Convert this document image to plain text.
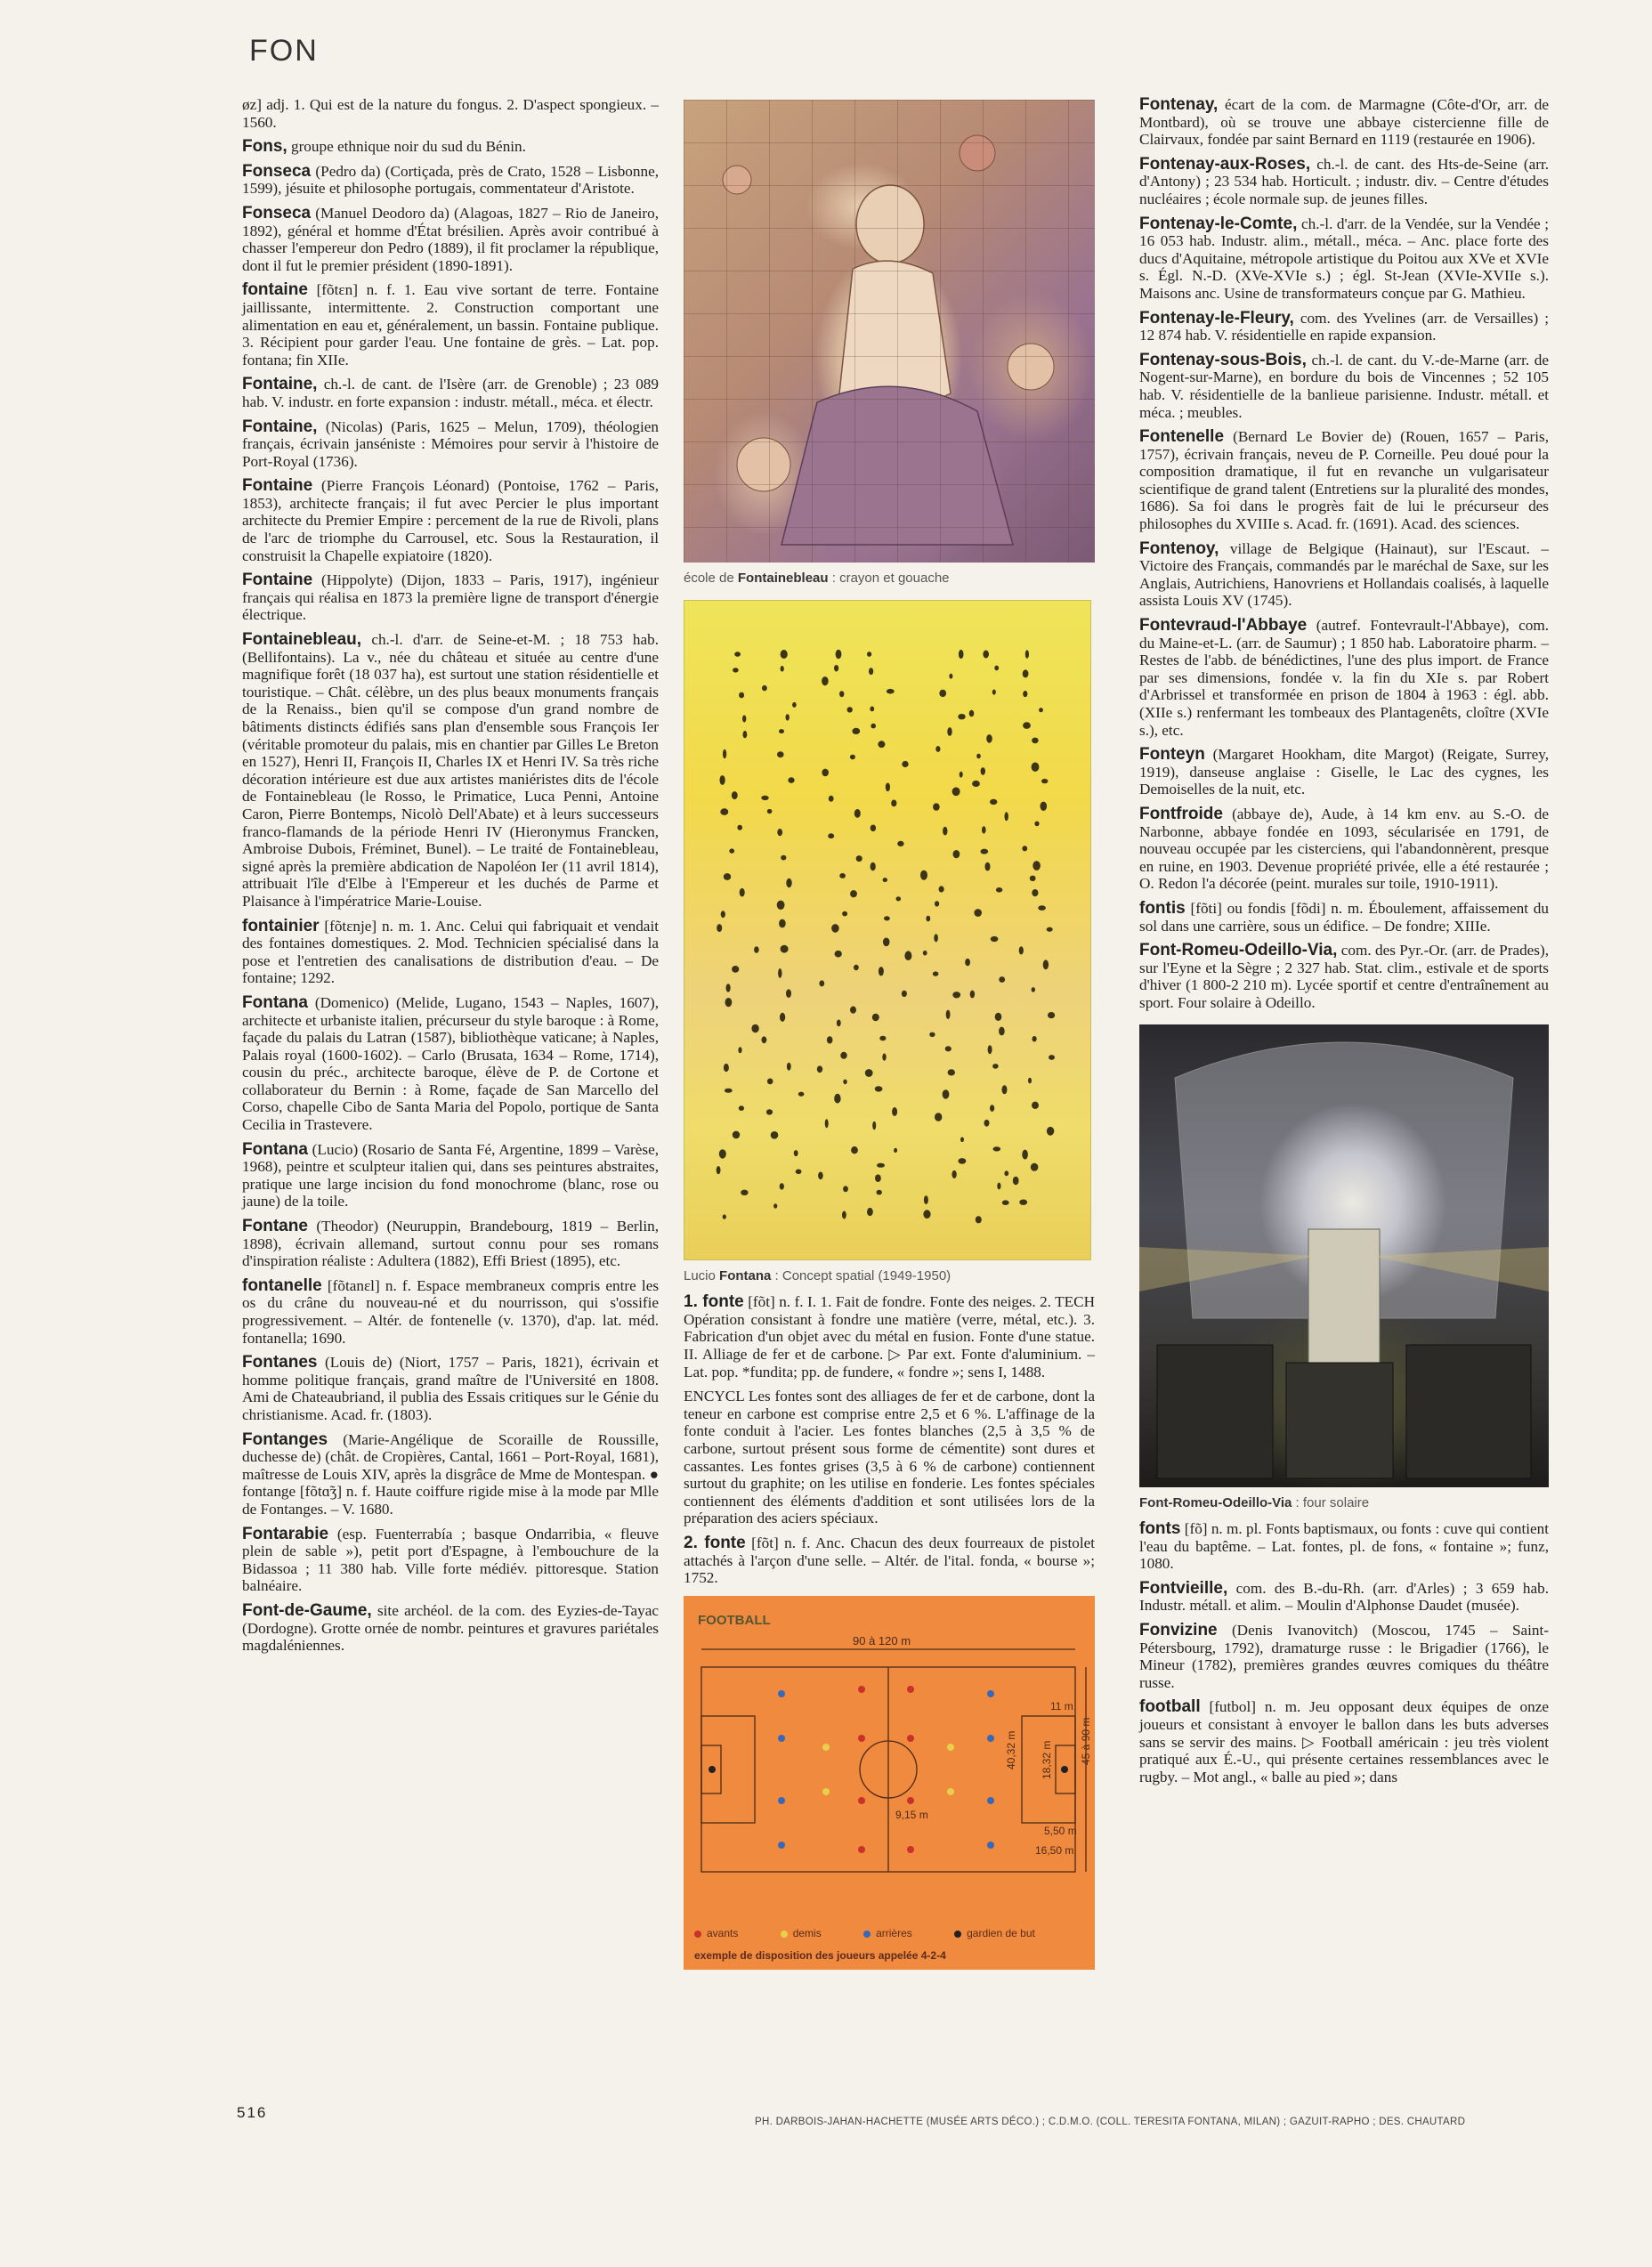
FON
øz] adj. 1. Qui est de la nature du fongus. 2. D'aspect spongieux. – 1560.
Fons, groupe ethnique noir du sud du Bénin.
Fonseca (Pedro da) (Cortiçada, près de Crato, 1528 – Lisbonne, 1599), jésuite et philosophe portugais, commentateur d'Aristote.
Fonseca (Manuel Deodoro da) (Alagoas, 1827 – Rio de Janeiro, 1892), général et homme d'État brésilien. Après avoir contribué à chasser l'empereur don Pedro (1889), il fit proclamer la république, dont il fut le premier président (1890-1891).
fontaine [fõtɛn] n. f. 1. Eau vive sortant de terre. Fontaine jaillissante, intermittente. 2. Construction comportant une alimentation en eau et, généralement, un bassin. Fontaine publique. 3. Récipient pour garder l'eau. Une fontaine de grès. – Lat. pop. fontana; fin XIIe.
Fontaine, ch.-l. de cant. de l'Isère (arr. de Grenoble) ; 23 089 hab. V. industr. en forte expansion : industr. métall., méca. et électr.
Fontaine, (Nicolas) (Paris, 1625 – Melun, 1709), théologien français, écrivain janséniste : Mémoires pour servir à l'histoire de Port-Royal (1736).
Fontaine (Pierre François Léonard) (Pontoise, 1762 – Paris, 1853), architecte français; il fut avec Percier le plus important architecte du Premier Empire : percement de la rue de Rivoli, plans de l'arc de triomphe du Carrousel, etc. Sous la Restauration, il construisit la Chapelle expiatoire (1820).
Fontaine (Hippolyte) (Dijon, 1833 – Paris, 1917), ingénieur français qui réalisa en 1873 la première ligne de transport d'énergie électrique.
Fontainebleau, ch.-l. d'arr. de Seine-et-M. ; 18 753 hab. (Bellifontains). La v., née du château et située au centre d'une magnifique forêt (18 037 ha), est surtout une station résidentielle et touristique. – Chât. célèbre, un des plus beaux monuments français de la Renaiss., bien qu'il se compose d'un grand nombre de bâtiments distincts édifiés sans plan d'ensemble sous François Ier (véritable promoteur du palais, mis en chantier par Gilles Le Breton en 1527), Henri II, François II, Charles IX et Henri IV. Sa très riche décoration intérieure est due aux artistes maniéristes dits de l'école de Fontainebleau (le Rosso, le Primatice, Luca Penni, Antoine Caron, Pierre Bontemps, Nicolò Dell'Abate) et à leurs successeurs franco-flamands de la période Henri IV (Hieronymus Francken, Ambroise Dubois, Fréminet, Bunel). – Le traité de Fontainebleau, signé après la première abdication de Napoléon Ier (11 avril 1814), attribuait l'île d'Elbe à l'Empereur et les duchés de Parme et Plaisance à l'impératrice Marie-Louise.
fontainier [fõtɛnje] n. m. 1. Anc. Celui qui fabriquait et vendait des fontaines domestiques. 2. Mod. Technicien spécialisé dans la pose et l'entretien des canalisations de distribution d'eau. – De fontaine; 1292.
Fontana (Domenico) (Melide, Lugano, 1543 – Naples, 1607), architecte et urbaniste italien, précurseur du style baroque : à Rome, façade du palais du Latran (1587), bibliothèque vaticane; à Naples, Palais royal (1600-1602). – Carlo (Brusata, 1634 – Rome, 1714), cousin du préc., architecte baroque, élève de P. de Cortone et collaborateur du Bernin : à Rome, façade de San Marcello del Corso, chapelle Cibo de Santa Maria del Popolo, portique de Santa Cecilia in Trastevere.
Fontana (Lucio) (Rosario de Santa Fé, Argentine, 1899 – Varèse, 1968), peintre et sculpteur italien qui, dans ses peintures abstraites, pratique une large incision du fond monochrome (blanc, rose ou jaune) de la toile.
Fontane (Theodor) (Neuruppin, Brandebourg, 1819 – Berlin, 1898), écrivain allemand, surtout connu pour ses romans d'inspiration réaliste : Adultera (1882), Effi Briest (1895), etc.
fontanelle [fõtanɛl] n. f. Espace membraneux compris entre les os du crâne du nouveau-né et du nourrisson, qui s'ossifie progressivement. – Altér. de fontenelle (v. 1370), d'ap. lat. méd. fontanella; 1690.
Fontanes (Louis de) (Niort, 1757 – Paris, 1821), écrivain et homme politique français, grand maître de l'Université en 1808. Ami de Chateaubriand, il publia des Essais critiques sur le Génie du christianisme. Acad. fr. (1803).
Fontanges (Marie-Angélique de Scoraille de Roussille, duchesse de) (chât. de Cropières, Cantal, 1661 – Port-Royal, 1681), maîtresse de Louis XIV, après la disgrâce de Mme de Montespan. ● fontange [fõtɑ̃ʒ] n. f. Haute coiffure rigide mise à la mode par Mlle de Fontanges. – V. 1680.
Fontarabie (esp. Fuenterrabía ; basque Ondarribia, « fleuve plein de sable »), petit port d'Espagne, à l'embouchure de la Bidassoa ; 11 380 hab. Ville forte médiév. pittoresque. Station balnéaire.
Font-de-Gaume, site archéol. de la com. des Eyzies-de-Tayac (Dordogne). Grotte ornée de nombr. peintures et gravures pariétales magdaléniennes.
école de Fontainebleau : crayon et gouache
Lucio Fontana : Concept spatial (1949-1950)
1. fonte [fõt] n. f. I. 1. Fait de fondre. Fonte des neiges. 2. TECH Opération consistant à fondre une matière (verre, métal, etc.). 3. Fabrication d'un objet avec du métal en fusion. Fonte d'une statue. II. Alliage de fer et de carbone. ▷ Par ext. Fonte d'aluminium. – Lat. pop. *fundita; pp. de fundere, « fondre »; sens I, 1488.
ENCYCL Les fontes sont des alliages de fer et de carbone, dont la teneur en carbone est comprise entre 2,5 et 6 %. L'affinage de la fonte conduit à l'acier. Les fontes blanches (2,5 à 3,5 % de carbone, surtout présent sous forme de cémentite) sont dures et cassantes. Les fontes grises (3,5 à 6 % de carbone) contiennent surtout du graphite; on les utilise en fonderie. Les fontes spéciales contiennent des éléments d'addition et sont utilisées lors de la préparation des aciers spéciaux.
2. fonte [fõt] n. f. Anc. Chacun des deux fourreaux de pistolet attachés à l'arçon d'une selle. – Altér. de l'ital. fonda, « bourse »; 1752.
FOOTBALL
90 à 120 m
45 à 90 m
40,32 m 18,32 m
11 m
9,15 m
5,50 m
16,50 m
avants	demis	arrières	gardien de but
exemple de disposition des joueurs appelée 4-2-4
Fontenay, écart de la com. de Marmagne (Côte-d'Or, arr. de Montbard), où se trouve une abbaye cistercienne fille de Clairvaux, fondée par saint Bernard en 1119 (restaurée en 1906).
Fontenay-aux-Roses, ch.-l. de cant. des Hts-de-Seine (arr. d'Antony) ; 23 534 hab. Horticult. ; industr. div. – Centre d'études nucléaires ; école normale sup. de jeunes filles.
Fontenay-le-Comte, ch.-l. d'arr. de la Vendée, sur la Vendée ; 16 053 hab. Industr. alim., métall., méca. – Anc. place forte des ducs d'Aquitaine, métropole artistique du Poitou aux XVe et XVIe s. Égl. N.-D. (XVe-XVIe s.) ; égl. St-Jean (XVIe-XVIIe s.). Maisons anc. Usine de transformateurs conçue par G. Mathieu.
Fontenay-le-Fleury, com. des Yvelines (arr. de Versailles) ; 12 874 hab. V. résidentielle en rapide expansion.
Fontenay-sous-Bois, ch.-l. de cant. du V.-de-Marne (arr. de Nogent-sur-Marne), en bordure du bois de Vincennes ; 52 105 hab. V. résidentielle de la banlieue parisienne. Industr. métall. et méca. ; meubles.
Fontenelle (Bernard Le Bovier de) (Rouen, 1657 – Paris, 1757), écrivain français, neveu de P. Corneille. Peu doué pour la composition dramatique, il fut en revanche un vulgarisateur scientifique de grand talent (Entretiens sur la pluralité des mondes, 1686). Sa foi dans le progrès fait de lui le précurseur des philosophes du XVIIIe s. Acad. fr. (1691). Acad. des sciences.
Fontenoy, village de Belgique (Hainaut), sur l'Escaut. – Victoire des Français, commandés par le maréchal de Saxe, sur les Anglais, Autrichiens, Hanovriens et Hollandais coalisés, à laquelle assista Louis XV (1745).
Fontevraud-l'Abbaye (autref. Fontevrault-l'Abbaye), com. du Maine-et-L. (arr. de Saumur) ; 1 850 hab. Laboratoire pharm. – Restes de l'abb. de bénédictines, l'une des plus import. de France par ses dimensions, fondée v. la fin du XIe s. par Robert d'Arbrissel et transformée en prison de 1804 à 1963 : égl. abb. (XIIe s.) renfermant les tombeaux des Plantagenêts, cloître (XVIe s.), etc.
Fonteyn (Margaret Hookham, dite Margot) (Reigate, Surrey, 1919), danseuse anglaise : Giselle, le Lac des cygnes, les Demoiselles de la nuit, etc.
Fontfroide (abbaye de), Aude, à 14 km env. au S.-O. de Narbonne, abbaye fondée en 1093, sécularisée en 1791, de nouveau occupée par les cisterciens, qui l'abandonnèrent, presque en ruine, en 1903. Devenue propriété privée, elle a été restaurée ; O. Redon l'a décorée (peint. murales sur toile, 1910-1911).
fontis [fõti] ou fondis [fõdi] n. m. Éboulement, affaissement du sol dans une carrière, sous un édifice. – De fondre; XIIIe.
Font-Romeu-Odeillo-Via, com. des Pyr.-Or. (arr. de Prades), sur l'Eyne et la Sègre ; 2 327 hab. Stat. clim., estivale et de sports d'hiver (1 800-2 210 m). Lycée sportif et centre d'entraînement au sport. Four solaire à Odeillo.
Font-Romeu-Odeillo-Via : four solaire
fonts [fõ] n. m. pl. Fonts baptismaux, ou fonts : cuve qui contient l'eau du baptême. – Lat. fontes, pl. de fons, « fontaine »; funz, 1080.
Fontvieille, com. des B.-du-Rh. (arr. d'Arles) ; 3 659 hab. Industr. métall. et alim. – Moulin d'Alphonse Daudet (musée).
Fonvizine (Denis Ivanovitch) (Moscou, 1745 – Saint-Pétersbourg, 1792), dramaturge russe : le Brigadier (1766), le Mineur (1782), premières grandes œuvres comiques du théâtre russe.
football [futbol] n. m. Jeu opposant deux équipes de onze joueurs et consistant à envoyer le ballon dans les buts adverses sans se servir des mains. ▷ Football américain : jeu très violent pratiqué aux É.-U., qui présente certaines ressemblances avec le rugby. – Mot angl., « balle au pied »; dans
516
PH. DARBOIS-JAHAN-HACHETTE (MUSÉE ARTS DÉCO.) ; C.D.M.O. (COLL. TERESITA FONTANA, MILAN) ; GAZUIT-RAPHO ; DES. CHAUTARD
